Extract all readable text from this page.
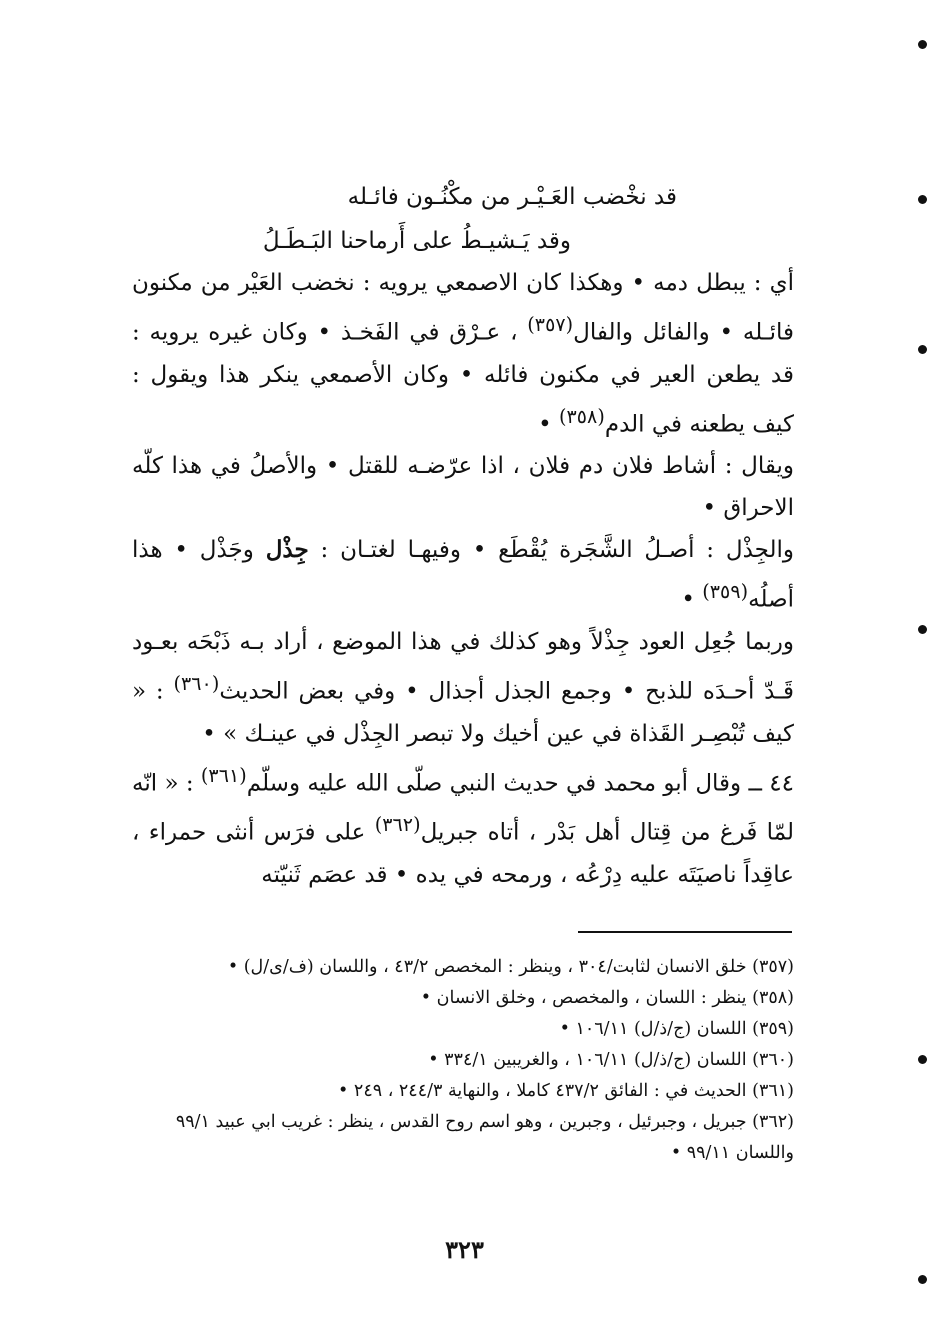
قد نخْضب العَـيْـر من مكْنُـون فائـله
وقد يَـشيـطُ على أَرماحنا البَـطَـلُ

أي : يبطل دمه • وهكذا كان الاصمعي يرويه : نخضب العَيْر من مكنون فائـله • والفائل والفال$^{(٣٥٧)}$ ، عـرْق في الفَخـذ • وكان غيره يرويه : قد يطعن العير في مكنون فائله • وكان الأصمعي ينكر هذا ويقول : كيف يطعنه في الدم$^{(٣٥٨)}$ •

ويقال : أشاط فلان دم فلان ، اذا عرّضـه للقتل • والأصلُ في هذا كلّه الاحراق •

والجِذْل : أصـلُ الشَّجَرة يُقْطَع • وفيهـا لغتـان : جِذْل وجَذْل • هذا أصلُه$^{(٣٥٩)}$ •

وربما جُعِل العود جِذْلاً وهو كذلك في هذا الموضع ، أراد بـه ذَبْحَه بعـود قَـدّ أحـدَه للذبح • وجمع الجذل أجذال • وفي بعض الحديث$^{(٣٦٠)}$ : « كيف تُبْصِـر القَذاة في عين أخيك ولا تبصر الجِذْل في عينـك » •

٤٤ ــ وقال أبو محمد في حديث النبي صلّى الله عليه وسلّم$^{(٣٦١)}$ : « انّه لمّا فَرغ من قِتال أهل بَدْر ، أتاه جبريل$^{(٣٦٢)}$ على فرَس أنثى حمراء ، عاقِداً ناصيَتَه عليه دِرْعُه ، ورمحه في يده • قد عصَم ثَنيّته

(٣٥٧) خلق الانسان لثابت/٣٠٤ ، وينظر : المخصص ٤٣/٢ ، واللسان (ف/ى/ل) •

(٣٥٨) ينظر : اللسان ، والمخصص ، وخلق الانسان •

(٣٥٩) اللسان (ج/ذ/ل) ١٠٦/١١ •

(٣٦٠) اللسان (ج/ذ/ل) ١٠٦/١١ ، والغريبين ٣٣٤/١ •

(٣٦١) الحديث في : الفائق ٤٣٧/٢ كاملا ، والنهاية ٢٤٤/٣ ، ٢٤٩ •

(٣٦٢) جبريل ، وجبرئيل ، وجبرين ، وهو اسم روح القدس ، ينظر : غريب ابي عبيد ٩٩/١ واللسان ٩٩/١١ •

٣٢٣
